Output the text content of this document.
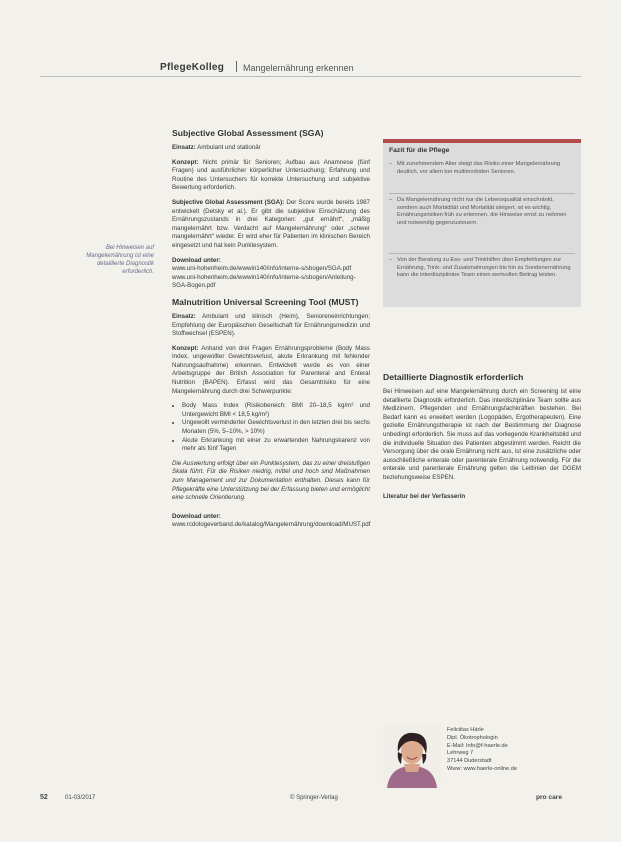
PflegeKolleg Mangelernährung erkennen
Bei Hinweisen auf Mangelernährung ist eine detaillierte Diagnostik erforderlich.
Subjective Global Assessment (SGA)

Einsatz: Ambulant und stationär

Konzept: Nicht primär für Senioren; Aufbau aus Anamnese (fünf Fragen) und ausführlicher körperlicher Untersuchung; Erfahrung und Routine des Untersuchers für korrekte Untersuchung und subjektive Bewertung erforderlich.

Subjective Global Assessment (SGA): Der Score wurde bereits 1987 entwickelt (Detsky et al.). Er gibt die subjektive Einschätzung des Ernährungszustands in drei Kategorien: „gut ernährt“, „mäßig mangelernährt bzw. Verdacht auf Mangelernährung“ oder „schwer mangelernährt“ wieder. Er wird eher für Patienten im klinischen Bereich eingesetzt und hat kein Punktesystem.

Download unter:
www.uni-hohenheim.de/wwwin140/info/interne-s/sbogen/SGA.pdf
www.uni-hohenheim.de/wwwin140/info/interne-s/sbogen/Anleitung-SGA-Bogen.pdf

Malnutrition Universal Screening Tool (MUST)

Einsatz: Ambulant und klinisch (Heim), Senioreneinrichtungen; Empfehlung der Europäischen Gesellschaft für Ernährungsmedizin und Stoffwechsel (ESPEN).

Konzept: Anhand von drei Fragen Ernährungsprobleme (Body Mass Index, ungewollter Gewichtsverlust, akute Erkrankung mit fehlender Nahrungsaufnahme) erkennen. Entwickelt wurde es von einer Arbeitsgruppe der British Association for Parenteral and Enteral Nutrition (BAPEN). Erfasst wird das Gesamtrisiko für eine Mangelernährung durch drei Schwerpunkte:

• Body Mass Index (Risikobereich: BMI 20–18,5 kg/m² und Untergewicht BMI < 18,5 kg/m²)
• Ungewollt verminderter Gewichtsverlust in den letzten drei bis sechs Monaten (5%, 5–10%, > 10%)
• Akute Erkrankung mit einer zu erwartenden Nahrungskarenz von mehr als fünf Tagen

Die Auswertung erfolgt über ein Punktesystem, das zu einer dreistufigen Skala führt. Für die Risiken niedrig, mittel und hoch sind Maßnahmen zum Management und zur Dokumentation enthalten. Dieses kann für Pflegekräfte eine Unterstützung bei der Erfassung bieten und ermöglicht eine schnelle Orientierung.

Download unter:
www.rcdologeverband.de/katalog/Mangelernährung/download/MUST.pdf

Fazit für die Pflege
– Mit zunehmendem Alter steigt das Risiko einer Mangelernährung deutlich, vor allem bei multimorbiden Senioren.
– Da Mangelernährung nicht nur die Lebensqualität einschränkt, sondern auch Morbidität und Mortalität steigert, ist es wichtig, Ernährungsrisiken früh zu erkennen, die Hinweise ernst zu nehmen und notwendig gegenzusteuern.
– Von der Beratung zu Ess- und Trinkhilfen über Empfehlungen zur Ernährung, Trink- und Zusatznahrungen bis hin zu Sondenernährung kann die interdisziplinäre Team einen wertvollen Beitrag leisten.
Detaillierte Diagnostik erforderlich

Bei Hinweisen auf eine Mangelernährung durch ein Screening ist eine detaillierte Diagnostik erforderlich. Das interdisziplinäre Team sollte aus Medizinern, Pflegenden und Ernährungsfachkräften bestehen. Bei Bedarf kann es erweitert werden (Logopäden, Ergotherapeuten). Eine gezielte Ernährungstherapie ist nach der Bestimmung der Diagnose unbedingt erforderlich. Sie muss auf das vorliegende Krankheitsbild und die individuelle Situation des Patienten abgestimmt werden. Reicht die Versorgung über die orale Ernährung nicht aus, ist eine zusätzliche oder ausschließliche enterale oder parenterale Ernährung notwendig. Für die enterale und parenterale Ernährung gelten die Leitlinien der DGEM beziehungsweise ESPEN.

Literatur bei der Verfasserin

Feliciitas Härle
Dipl. Ökotrophologin
E-Mail: Info@f-haerle.de
Lehrweg 7
37144 Duderstadt
Www: www.haerle-online.de
52	01-03/2017	© Springer-Verlag	pro care
